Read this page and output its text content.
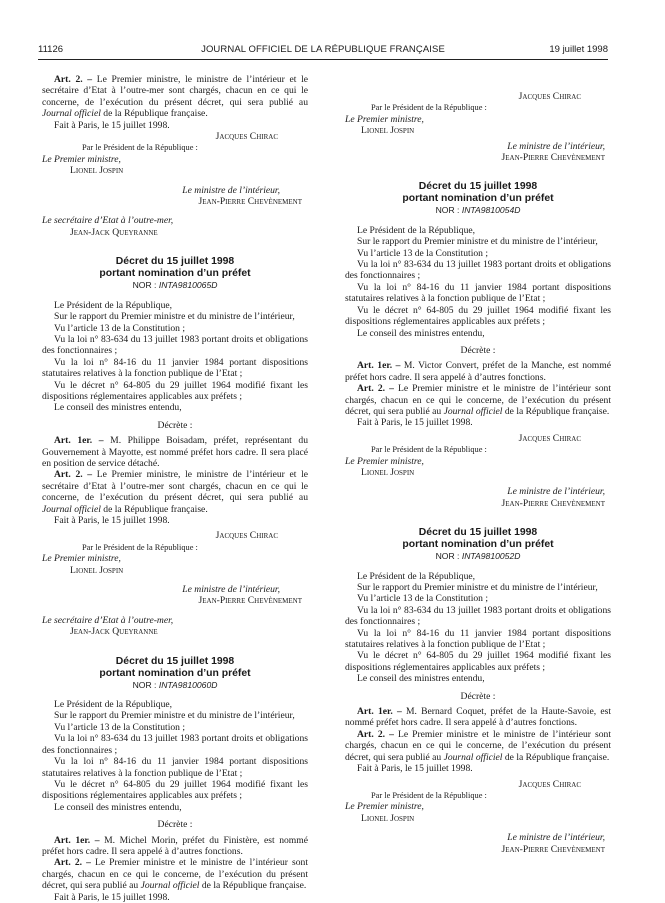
11126	JOURNAL OFFICIEL DE LA RÉPUBLIQUE FRANÇAISE	19 juillet 1998

Art. 2. – Le Premier ministre, le ministre de l’intérieur et le secrétaire d’Etat à l’outre-mer sont chargés, chacun en ce qui le concerne, de l’exécution du présent décret, qui sera publié au Journal officiel de la République française.

Fait à Paris, le 15 juillet 1998.

Jacques Chirac

Par le Président de la République :

Le Premier ministre,

Lionel Jospin

Le ministre de l’intérieur,

Jean-Pierre Chevènement

Le secrétaire d’Etat à l’outre-mer,

Jean-Jack Queyranne

Décret du 15 juillet 1998
portant nomination d’un préfet

NOR : INTA9810065D

Le Président de la République,

Sur le rapport du Premier ministre et du ministre de l’intérieur,

Vu l’article 13 de la Constitution ;

Vu la loi n° 83-634 du 13 juillet 1983 portant droits et obligations des fonctionnaires ;

Vu la loi n° 84-16 du 11 janvier 1984 portant dispositions statutaires relatives à la fonction publique de l’Etat ;

Vu le décret n° 64-805 du 29 juillet 1964 modifié fixant les dispositions réglementaires applicables aux préfets ;

Le conseil des ministres entendu,

Décrète :

Art. 1er. – M. Philippe Boisadam, préfet, représentant du Gouvernement à Mayotte, est nommé préfet hors cadre. Il sera placé en position de service détaché.

Art. 2. – Le Premier ministre, le ministre de l’intérieur et le secrétaire d’Etat à l’outre-mer sont chargés, chacun en ce qui le concerne, de l’exécution du présent décret, qui sera publié au Journal officiel de la République française.

Fait à Paris, le 15 juillet 1998.

Jacques Chirac

Par le Président de la République :

Le Premier ministre,

Lionel Jospin

Le ministre de l’intérieur,

Jean-Pierre Chevènement

Le secrétaire d’Etat à l’outre-mer,

Jean-Jack Queyranne

Décret du 15 juillet 1998
portant nomination d’un préfet

NOR : INTA9810060D

Le Président de la République,

Sur le rapport du Premier ministre et du ministre de l’intérieur,

Vu l’article 13 de la Constitution ;

Vu la loi n° 83-634 du 13 juillet 1983 portant droits et obligations des fonctionnaires ;

Vu la loi n° 84-16 du 11 janvier 1984 portant dispositions statutaires relatives à la fonction publique de l’Etat ;

Vu le décret n° 64-805 du 29 juillet 1964 modifié fixant les dispositions réglementaires applicables aux préfets ;

Le conseil des ministres entendu,

Décrète :

Art. 1er. – M. Michel Morin, préfet du Finistère, est nommé préfet hors cadre. Il sera appelé à d’autres fonctions.

Art. 2. – Le Premier ministre et le ministre de l’intérieur sont chargés, chacun en ce qui le concerne, de l’exécution du présent décret, qui sera publié au Journal officiel de la République française.

Fait à Paris, le 15 juillet 1998.

Jacques Chirac

Par le Président de la République :

Le Premier ministre,

Lionel Jospin

Le ministre de l’intérieur,

Jean-Pierre Chevènement

Décret du 15 juillet 1998
portant nomination d’un préfet

NOR : INTA9810054D

Le Président de la République,

Sur le rapport du Premier ministre et du ministre de l’intérieur,

Vu l’article 13 de la Constitution ;

Vu la loi n° 83-634 du 13 juillet 1983 portant droits et obligations des fonctionnaires ;

Vu la loi n° 84-16 du 11 janvier 1984 portant dispositions statutaires relatives à la fonction publique de l’Etat ;

Vu le décret n° 64-805 du 29 juillet 1964 modifié fixant les dispositions réglementaires applicables aux préfets ;

Le conseil des ministres entendu,

Décrète :

Art. 1er. – M. Victor Convert, préfet de la Manche, est nommé préfet hors cadre. Il sera appelé à d’autres fonctions.

Art. 2. – Le Premier ministre et le ministre de l’intérieur sont chargés, chacun en ce qui le concerne, de l’exécution du présent décret, qui sera publié au Journal officiel de la République française.

Fait à Paris, le 15 juillet 1998.

Jacques Chirac

Par le Président de la République :

Le Premier ministre,

Lionel Jospin

Le ministre de l’intérieur,

Jean-Pierre Chevènement

Décret du 15 juillet 1998
portant nomination d’un préfet

NOR : INTA9810052D

Le Président de la République,

Sur le rapport du Premier ministre et du ministre de l’intérieur,

Vu l’article 13 de la Constitution ;

Vu la loi n° 83-634 du 13 juillet 1983 portant droits et obligations des fonctionnaires ;

Vu la loi n° 84-16 du 11 janvier 1984 portant dispositions statutaires relatives à la fonction publique de l’Etat ;

Vu le décret n° 64-805 du 29 juillet 1964 modifié fixant les dispositions réglementaires applicables aux préfets ;

Le conseil des ministres entendu,

Décrète :

Art. 1er. – M. Bernard Coquet, préfet de la Haute-Savoie, est nommé préfet hors cadre. Il sera appelé à d’autres fonctions.

Art. 2. – Le Premier ministre et le ministre de l’intérieur sont chargés, chacun en ce qui le concerne, de l’exécution du présent décret, qui sera publié au Journal officiel de la République française.

Fait à Paris, le 15 juillet 1998.

Jacques Chirac

Par le Président de la République :

Le Premier ministre,

Lionel Jospin

Le ministre de l’intérieur,

Jean-Pierre Chevènement
